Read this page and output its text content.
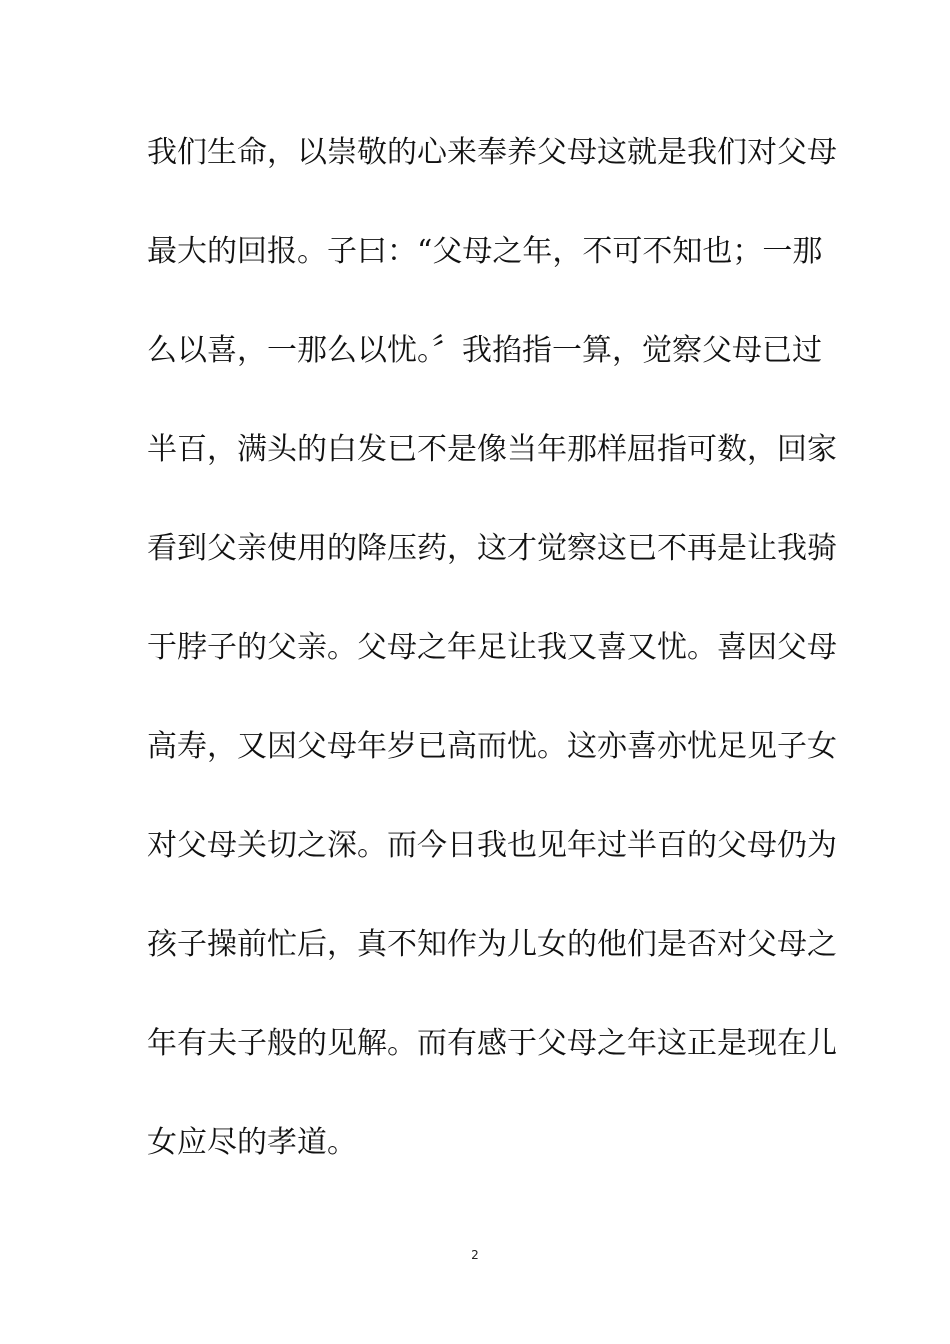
我们生命，以崇敬的心来奉养父母这就是我们对父母
最大的回报。子曰：“父母之年，不可不知也；一那
么以喜，一那么以忧。〞我掐指一算，觉察父母已过
半百，满头的白发已不是像当年那样屈指可数，回家
看到父亲使用的降压药，这才觉察这已不再是让我骑
于脖子的父亲。父母之年足让我又喜又忧。喜因父母
高寿，又因父母年岁已高而忧。这亦喜亦忧足见子女
对父母关切之深。而今日我也见年过半百的父母仍为
孩子操前忙后，真不知作为儿女的他们是否对父母之
年有夫子般的见解。而有感于父母之年这正是现在儿
女应尽的孝道。
2
